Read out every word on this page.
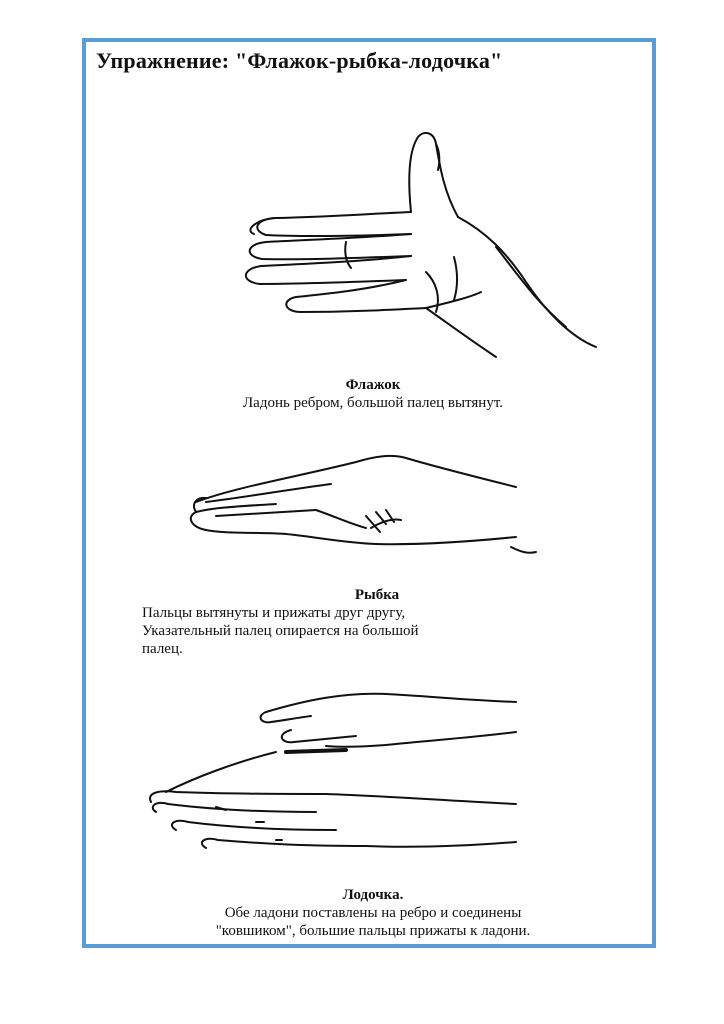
Упражнение: "Флажок-рыбка-лодочка"
Флажок
Ладонь ребром, большой палец вытянут.
Рыбка
Пальцы вытянуты и прижаты друг другу,
Указательный палец опирается на большой
палец.
Лодочка.
Обе ладони поставлены на ребро и соединены
"ковшиком", большие пальцы прижаты к ладони.
